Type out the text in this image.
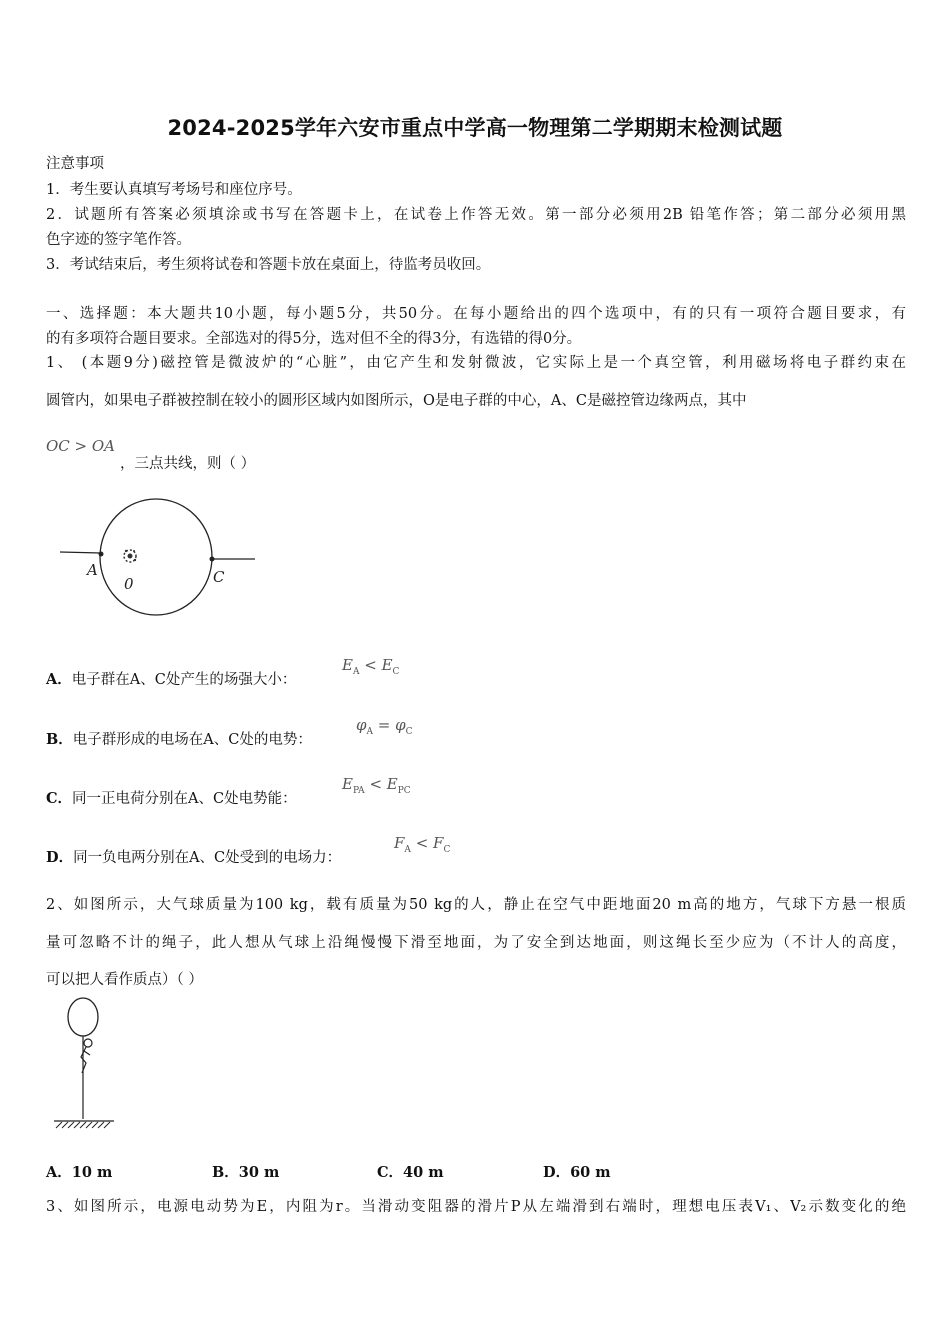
2024-2025学年六安市重点中学高一物理第二学期期末检测试题
注意事项
1．考生要认真填写考场号和座位序号。
2．试题所有答案必须填涂或书写在答题卡上，在试卷上作答无效。第一部分必须用2B 铅笔作答；第二部分必须用黑
色字迹的签字笔作答。
3．考试结束后，考生须将试卷和答题卡放在桌面上，待监考员收回。
一、选择题：本大题共10小题，每小题5分，共50分。在每小题给出的四个选项中，有的只有一项符合题目要求，有
的有多项符合题目要求。全部选对的得5分，选对但不全的得3分，有选错的得0分。
1、 (本题9分)磁控管是微波炉的“心脏”，由它产生和发射微波，它实际上是一个真空管，利用磁场将电子群约束在
圆管内，如果电子群被控制在较小的圆形区域内如图所示，O是电子群的中心，A、C是磁控管边缘两点，其中
OC > OA
，三点共线，则（ ）
A
0	C
A．电子群在A、C处产生的场强大小：
$E_A < E_C$
B．电子群形成的电场在A、C处的电势：
$\varphi_A = \varphi_C$
C．同一正电荷分别在A、C处电势能：
$E_{PA} < E_{PC}$
D．同一负电两分别在A、C处受到的电场力：
$F_A < F_C$
2、如图所示，大气球质量为100 kg，载有质量为50 kg的人，静止在空气中距地面20 m高的地方，气球下方悬一根质
量可忽略不计的绳子，此人想从气球上沿绳慢慢下滑至地面，为了安全到达地面，则这绳长至少应为（不计人的高度，
可以把人看作质点）（ ）
A．10 m	B．30 m	C．40 m	D．60 m
3、如图所示，电源电动势为E，内阻为r。当滑动变阻器的滑片P从左端滑到右端时，理想电压表V₁、V₂示数变化的绝
